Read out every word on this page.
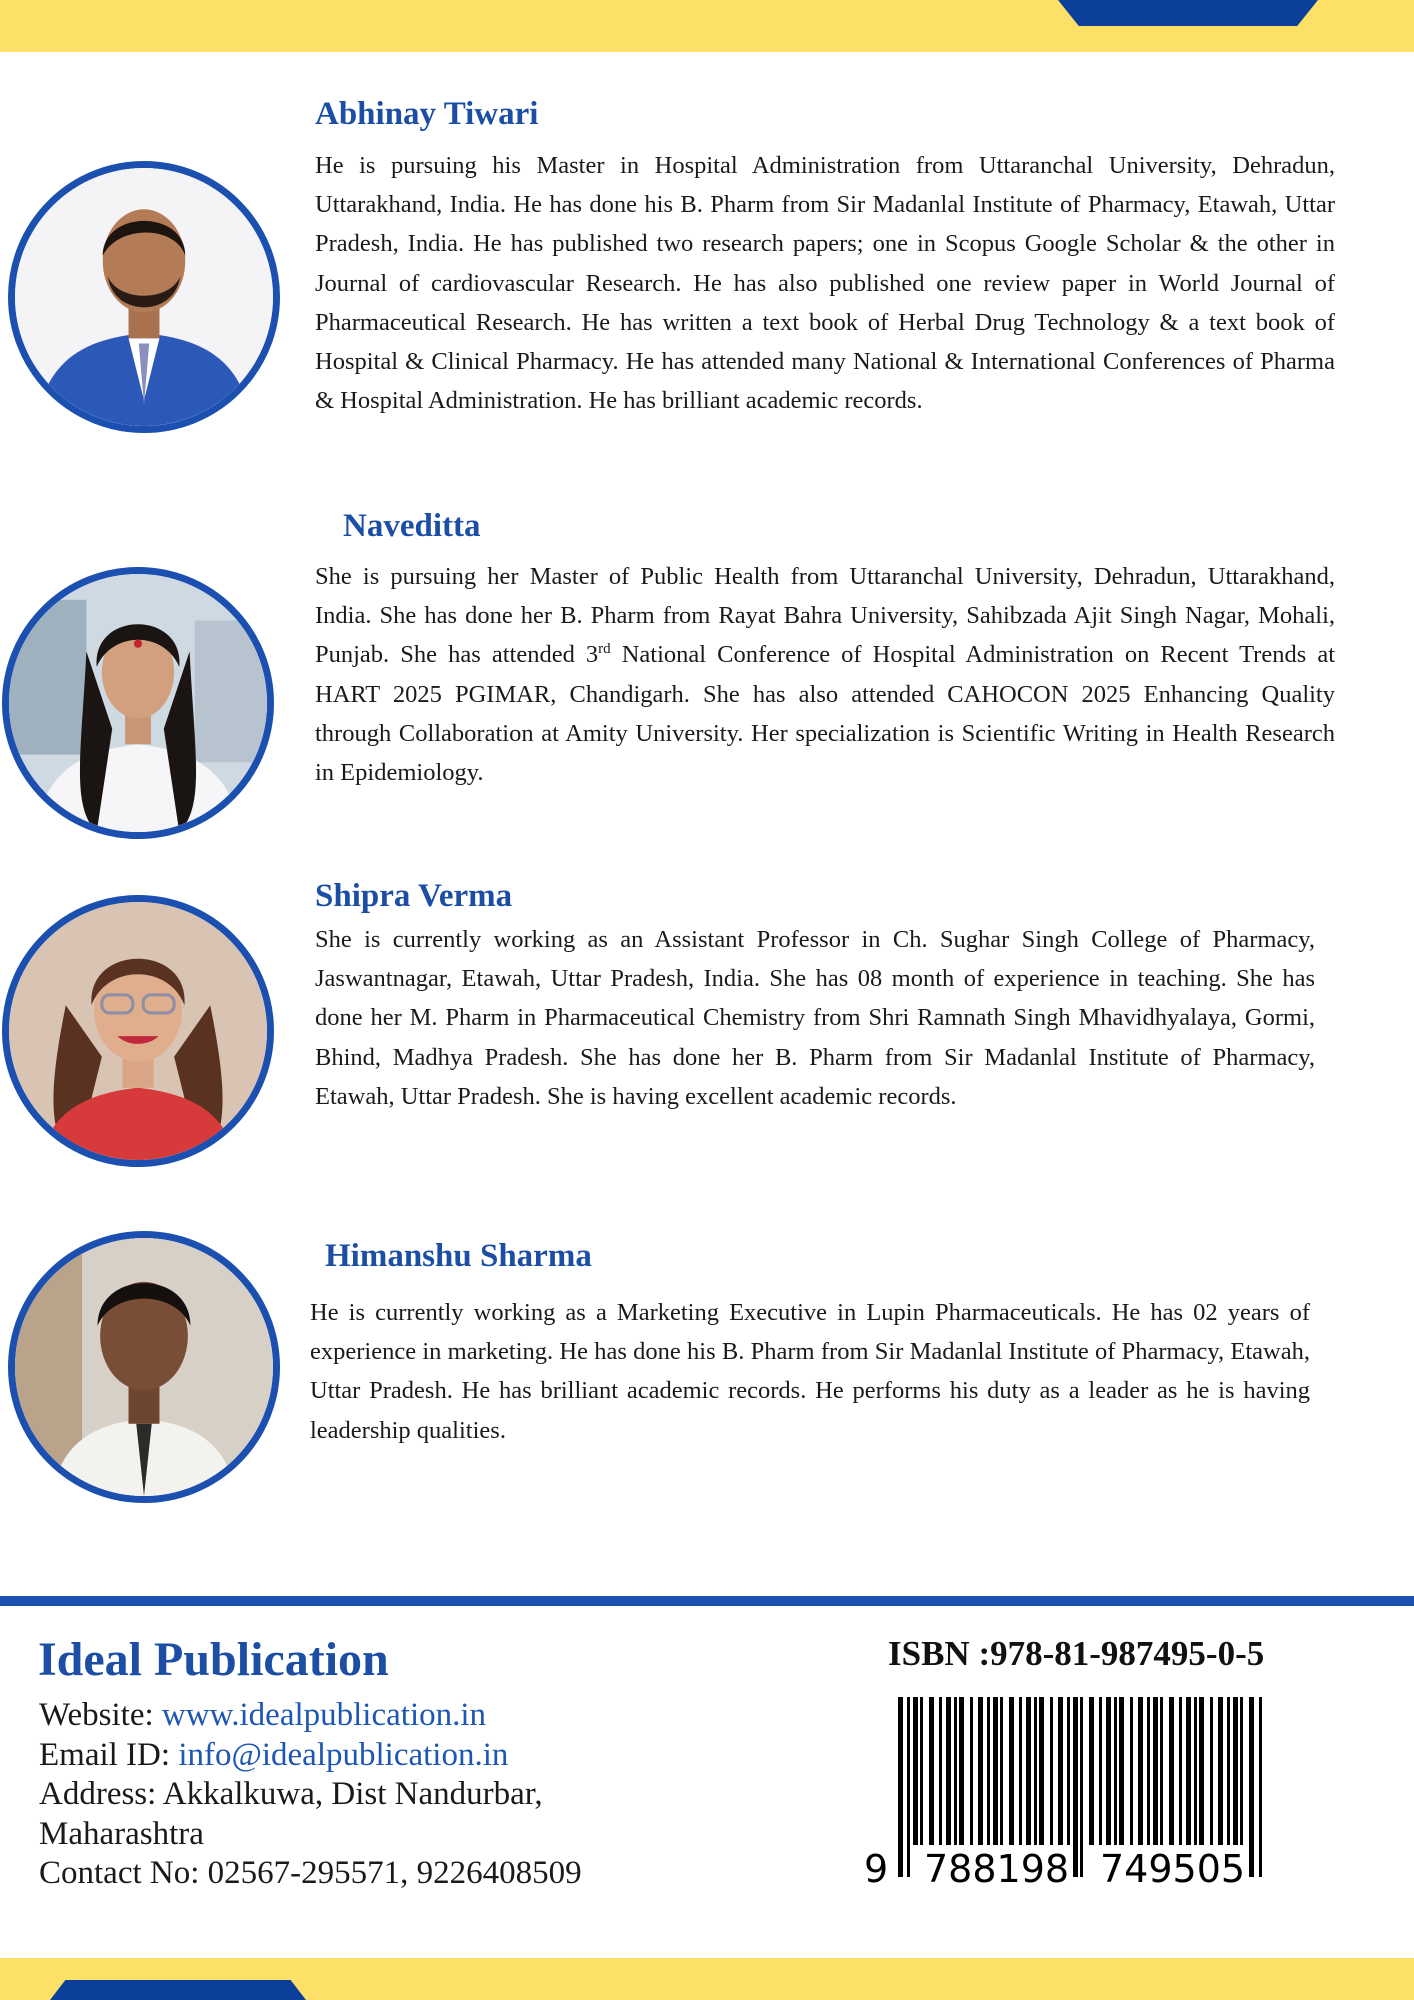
Abhinay Tiwari

He is pursuing his Master in Hospital Administration from Uttaranchal University, Dehradun, Uttarakhand, India. He has done his B. Pharm from Sir Madanlal Institute of Pharmacy, Etawah, Uttar Pradesh, India. He has published two research papers; one in Scopus Google Scholar & the other in Journal of cardiovascular Research. He has also published one review paper in World Journal of Pharmaceutical Research. He has written a text book of Herbal Drug Technology & a text book of Hospital & Clinical Pharmacy. He has attended many National & International Conferences of Pharma & Hospital Administration. He has brilliant academic records.

Naveditta

She is pursuing her Master of Public Health from Uttaranchal University, Dehradun, Uttarakhand, India. She has done her B. Pharm from Rayat Bahra University, Sahibzada Ajit Singh Nagar, Mohali, Punjab. She has attended 3rd National Conference of Hospital Administration on Recent Trends at HART 2025 PGIMAR, Chandigarh. She has also attended CAHOCON 2025 Enhancing Quality through Collaboration at Amity University. Her specialization is Scientific Writing in Health Research in Epidemiology.

Shipra Verma

She is currently working as an Assistant Professor in Ch. Sughar Singh College of Pharmacy, Jaswantnagar, Etawah, Uttar Pradesh, India. She has 08 month of experience in teaching. She has done her M. Pharm in Pharmaceutical Chemistry from Shri Ramnath Singh Mhavidhyalaya, Gormi, Bhind, Madhya Pradesh. She has done her B. Pharm from Sir Madanlal Institute of Pharmacy, Etawah, Uttar Pradesh. She is having excellent academic records.

Himanshu Sharma

He is currently working as a Marketing Executive in Lupin Pharmaceuticals. He has 02 years of experience in marketing. He has done his B. Pharm from Sir Madanlal Institute of Pharmacy, Etawah, Uttar Pradesh. He has brilliant academic records. He performs his duty as a leader as he is having leadership qualities.

Ideal Publication
Website: www.idealpublication.in
Email ID: info@idealpublication.in
Address: Akkalkuwa, Dist Nandurbar,
Maharashtra
Contact No: 02567-295571, 9226408509
ISBN :978-81-987495-0-5
9 788198 749505
